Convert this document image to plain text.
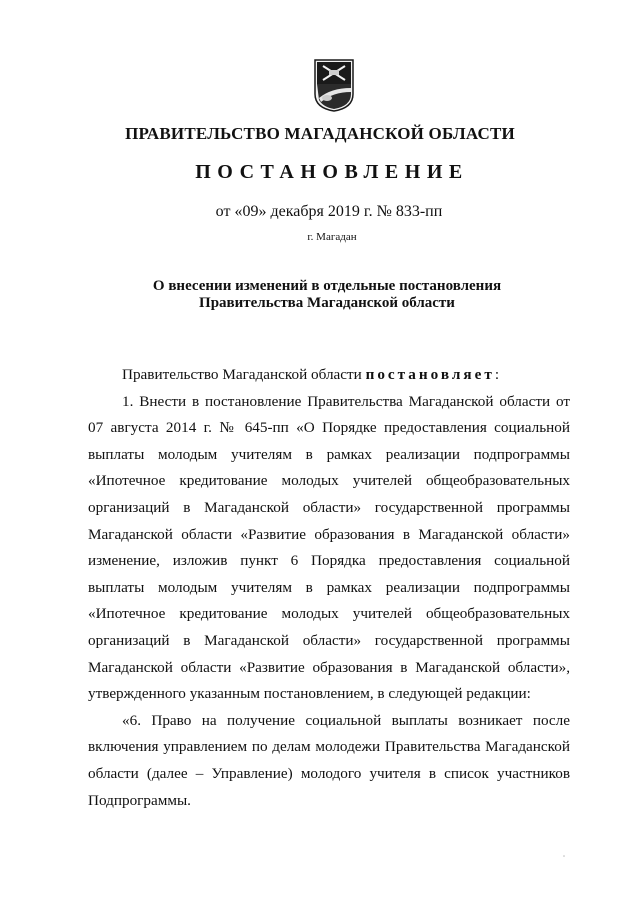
ПРАВИТЕЛЬСТВО МАГАДАНСКОЙ ОБЛАСТИ
ПОСТАНОВЛЕНИЕ
от «09» декабря 2019 г. № 833-пп
г. Магадан
О внесении изменений в отдельные постановления
Правительства Магаданской области

Правительство Магаданской области постановляет:

1. Внести в постановление Правительства Магаданской области от 07 августа 2014 г. № 645-пп «О Порядке предоставления социальной выплаты молодым учителям в рамках реализации подпрограммы «Ипотечное кредитование молодых учителей общеобразовательных организаций в Магаданской области» государственной программы Магаданской области «Развитие образования в Магаданской области» изменение, изложив пункт 6 Порядка предоставления социальной выплаты молодым учителям в рамках реализации подпрограммы «Ипотечное кредитование молодых учителей общеобразовательных организаций в Магаданской области» государственной программы Магаданской области «Развитие образования в Магаданской области», утвержденного указанным постановлением, в следующей редакции:

«6. Право на получение социальной выплаты возникает после включения управлением по делам молодежи Правительства Магаданской области (далее – Управление) молодого учителя в список участников Подпрограммы.
